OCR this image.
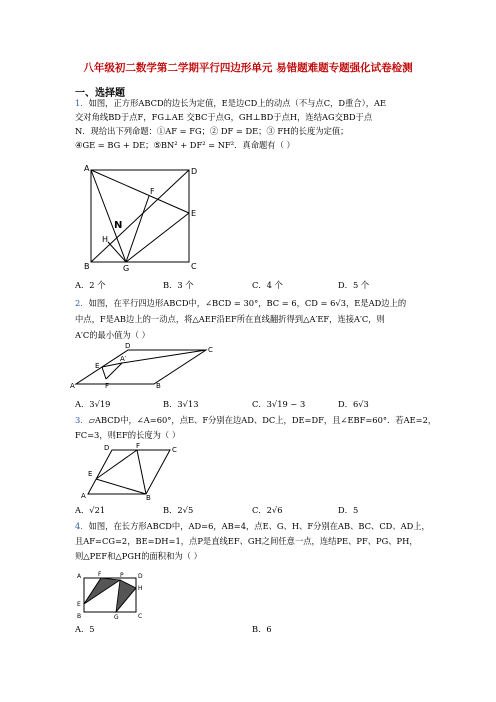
八年级初二数学第二学期平行四边形单元 易错题难题专题强化试卷检测
一、选择题
1．如图，正方形ABCD的边长为定值，E是边CD上的动点（不与点C，D重合），AE
交对角线BD于点F，FG⊥AE 交BC于点G，GH⊥BD于点H，连结AG交BD于点
N．现给出下列命题：①AF = FG；② DF = DE；③ FH的长度为定值；
④GE = BG + DE；⑤BN² + DF² = NF²．真命题有（ ）
A	D
F
E
N
H
B	G	C
A．2 个	B．3 个	C．4 个	D．5 个
2．如图，在平行四边形ABCD中，∠BCD = 30°，BC = 6，CD = 6√3，E是AD边上的
中点，F是AB边上的一动点，将△AEF沿EF所在直线翻折得到△A′EF，连接A′C，则
A′C的最小值为（ ）
D	C
E
A′
A	F	B
A．3√19	B．3√13	C．3√19 − 3	D．6√3
3．▱ABCD中，∠A=60°，点E、F分别在边AD、DC上，DE=DF，且∠EBF=60°．若AE=2，
FC=3，则EF的长度为（ ）
D	F	C
E
A	B
A．√21	B．2√5	C．2√6	D．5
4．如图，在长方形ABCD中，AD=6，AB=4，点E、G、H、F分别在AB、BC、CD、AD上，
且AF=CG=2，BE=DH=1，点P是直线EF、GH之间任意一点，连结PE、PF、PG、PH，
则△PEF和△PGH的面积和为（ ）
A	F	P D
E
H
B	G	C
A．5	B．6
